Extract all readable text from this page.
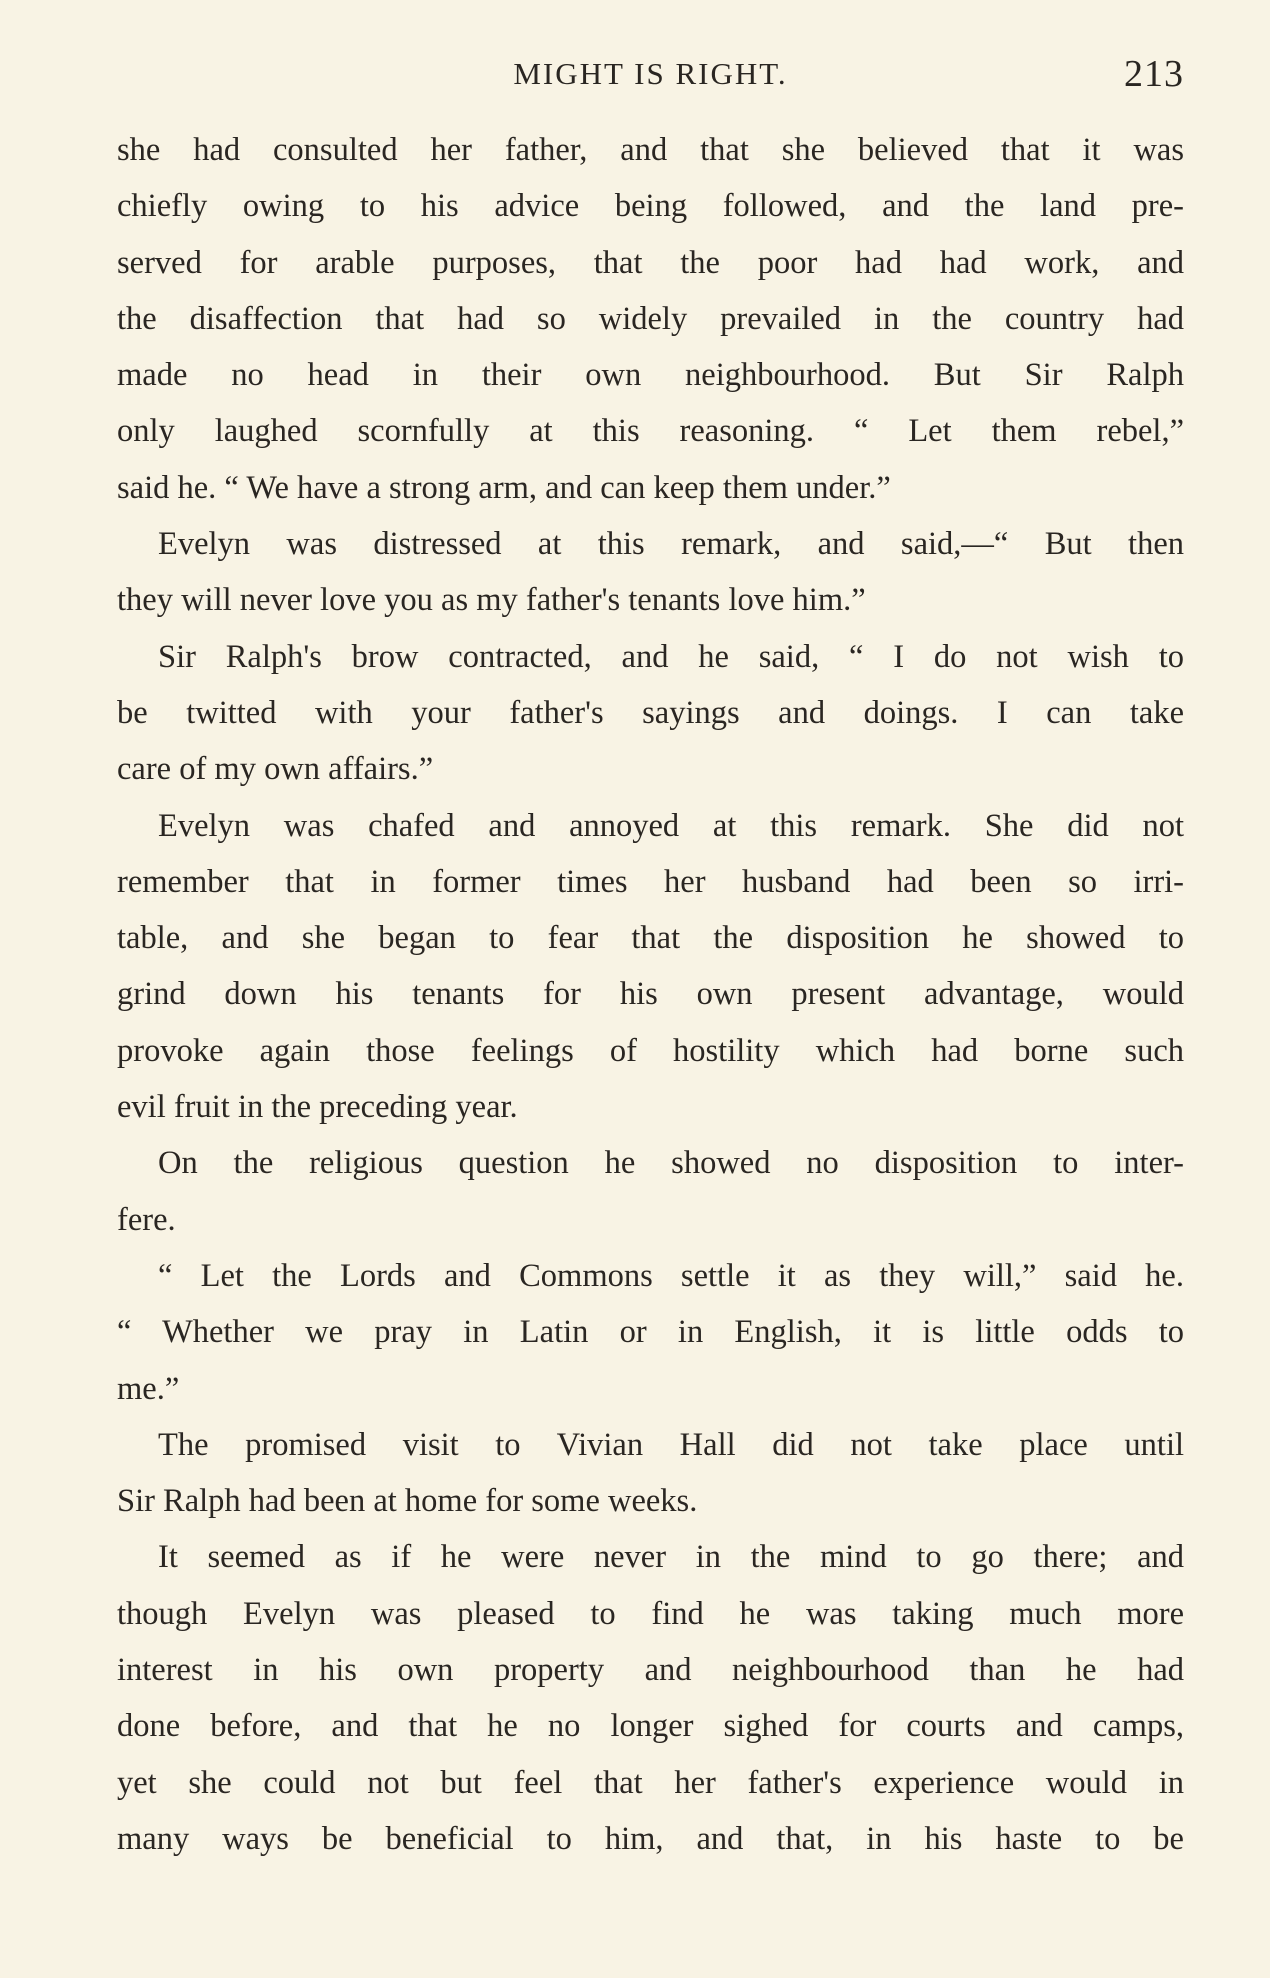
MIGHT IS RIGHT.	213
she had consulted her father, and that she believed that it was
chiefly owing to his advice being followed, and the land pre-
served for arable purposes, that the poor had had work, and
the disaffection that had so widely prevailed in the country had
made no head in their own neighbourhood. But Sir Ralph
only laughed scornfully at this reasoning. “ Let them rebel,”
said he. “ We have a strong arm, and can keep them under.”
Evelyn was distressed at this remark, and said,—“ But then
they will never love you as my father's tenants love him.”
Sir Ralph's brow contracted, and he said, “ I do not wish to
be twitted with your father's sayings and doings. I can take
care of my own affairs.”
Evelyn was chafed and annoyed at this remark. She did not
remember that in former times her husband had been so irri-
table, and she began to fear that the disposition he showed to
grind down his tenants for his own present advantage, would
provoke again those feelings of hostility which had borne such
evil fruit in the preceding year.
On the religious question he showed no disposition to inter-
fere.
“ Let the Lords and Commons settle it as they will,” said he.
“ Whether we pray in Latin or in English, it is little odds to
me.”
The promised visit to Vivian Hall did not take place until
Sir Ralph had been at home for some weeks.
It seemed as if he were never in the mind to go there; and
though Evelyn was pleased to find he was taking much more
interest in his own property and neighbourhood than he had
done before, and that he no longer sighed for courts and camps,
yet she could not but feel that her father's experience would in
many ways be beneficial to him, and that, in his haste to be
